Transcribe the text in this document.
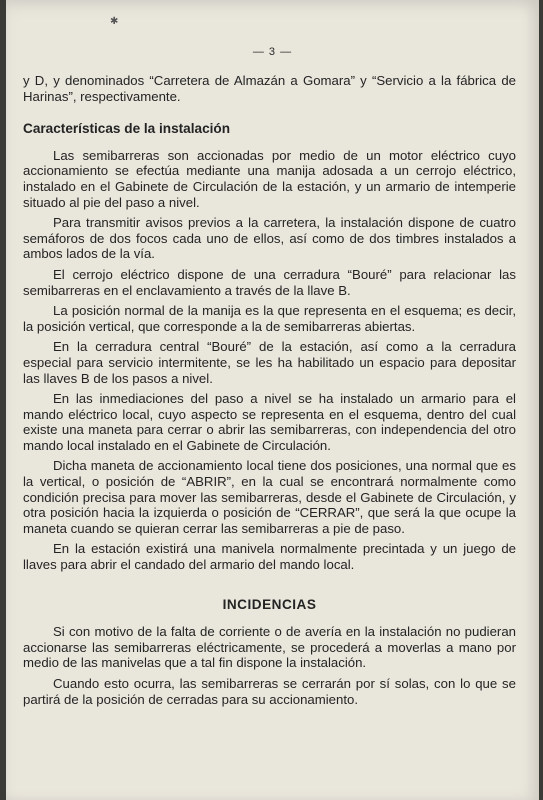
✱
— 3 —

y D, y denominados “Carretera de Almazán a Gomara” y “Servicio a la fábrica de Harinas”, respectivamente.

Características de la instalación

Las semibarreras son accionadas por medio de un motor eléctrico cuyo accionamiento se efectúa mediante una manija adosada a un cerrojo eléctrico, instalado en el Gabinete de Circulación de la estación, y un armario de intemperie situado al pie del paso a nivel.

Para transmitir avisos previos a la carretera, la instalación dispone de cuatro semáforos de dos focos cada uno de ellos, así como de dos timbres instalados a ambos lados de la vía.

El cerrojo eléctrico dispone de una cerradura “Bouré” para relacionar las semibarreras en el enclavamiento a través de la llave B.

La posición normal de la manija es la que representa en el esquema; es decir, la posición vertical, que corresponde a la de semibarreras abiertas.

En la cerradura central “Bouré” de la estación, así como a la cerradura especial para servicio intermitente, se les ha habilitado un espacio para depositar las llaves B de los pasos a nivel.

En las inmediaciones del paso a nivel se ha instalado un armario para el mando eléctrico local, cuyo aspecto se representa en el esquema, dentro del cual existe una maneta para cerrar o abrir las semibarreras, con independencia del otro mando local instalado en el Gabinete de Circulación.

Dicha maneta de accionamiento local tiene dos posiciones, una normal que es la vertical, o posición de “ABRIR”, en la cual se encontrará normalmente como condición precisa para mover las semibarreras, desde el Gabinete de Circulación, y otra posición hacia la izquierda o posición de “CERRAR”, que será la que ocupe la maneta cuando se quieran cerrar las semibarreras a pie de paso.

En la estación existirá una manivela normalmente precintada y un juego de llaves para abrir el candado del armario del mando local.

INCIDENCIAS

Si con motivo de la falta de corriente o de avería en la instalación no pudieran accionarse las semibarreras eléctricamente, se procederá a moverlas a mano por medio de las manivelas que a tal fin dispone la instalación.

Cuando esto ocurra, las semibarreras se cerrarán por sí solas, con lo que se partirá de la posición de cerradas para su accionamiento.
